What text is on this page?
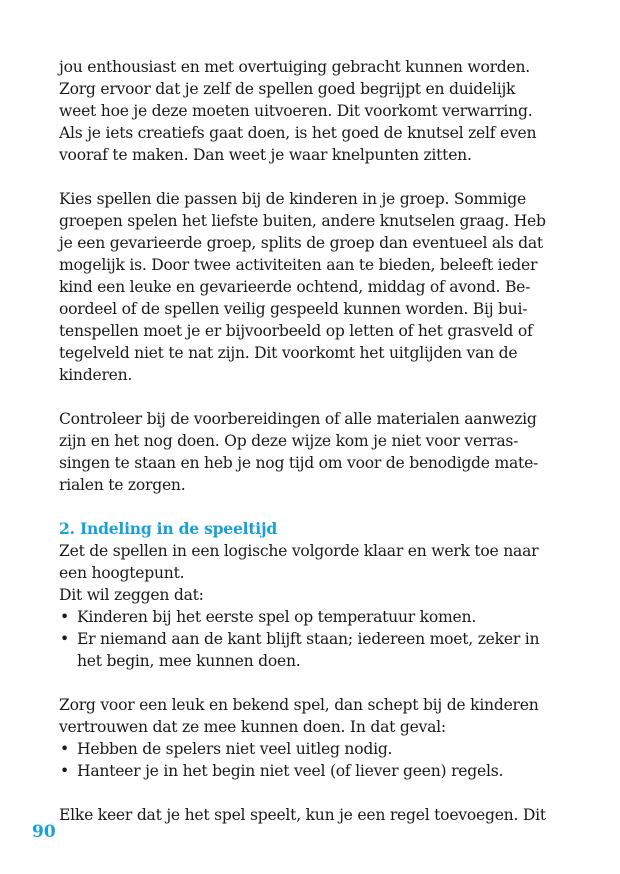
jou enthousiast en met overtuiging gebracht kunnen worden.
Zorg ervoor dat je zelf de spellen goed begrijpt en duidelijk
weet hoe je deze moeten uitvoeren. Dit voorkomt verwarring.
Als je iets creatiefs gaat doen, is het goed de knutsel zelf even
vooraf te maken. Dan weet je waar knelpunten zitten.

Kies spellen die passen bij de kinderen in je groep. Sommige
groepen spelen het liefste buiten, andere knutselen graag. Heb
je een gevarieerde groep, splits de groep dan eventueel als dat
mogelijk is. Door twee activiteiten aan te bieden, beleeft ieder
kind een leuke en gevarieerde ochtend, middag of avond. Be-
oordeel of de spellen veilig gespeeld kunnen worden. Bij bui-
tenspellen moet je er bijvoorbeeld op letten of het grasveld of
tegelveld niet te nat zijn. Dit voorkomt het uitglijden van de
kinderen.

Controleer bij de voorbereidingen of alle materialen aanwezig
zijn en het nog doen. Op deze wijze kom je niet voor verras-
singen te staan en heb je nog tijd om voor de benodigde mate-
rialen te zorgen.

2. Indeling in de speeltijd

Zet de spellen in een logische volgorde klaar en werk toe naar
een hoogtepunt.
Dit wil zeggen dat:

• Kinderen bij het eerste spel op temperatuur komen.
• Er niemand aan de kant blijft staan; iedereen moet, zeker in
het begin, mee kunnen doen.

Zorg voor een leuk en bekend spel, dan schept bij de kinderen
vertrouwen dat ze mee kunnen doen. In dat geval:

• Hebben de spelers niet veel uitleg nodig.
• Hanteer je in het begin niet veel (of liever geen) regels.

Elke keer dat je het spel speelt, kun je een regel toevoegen. Dit

90
